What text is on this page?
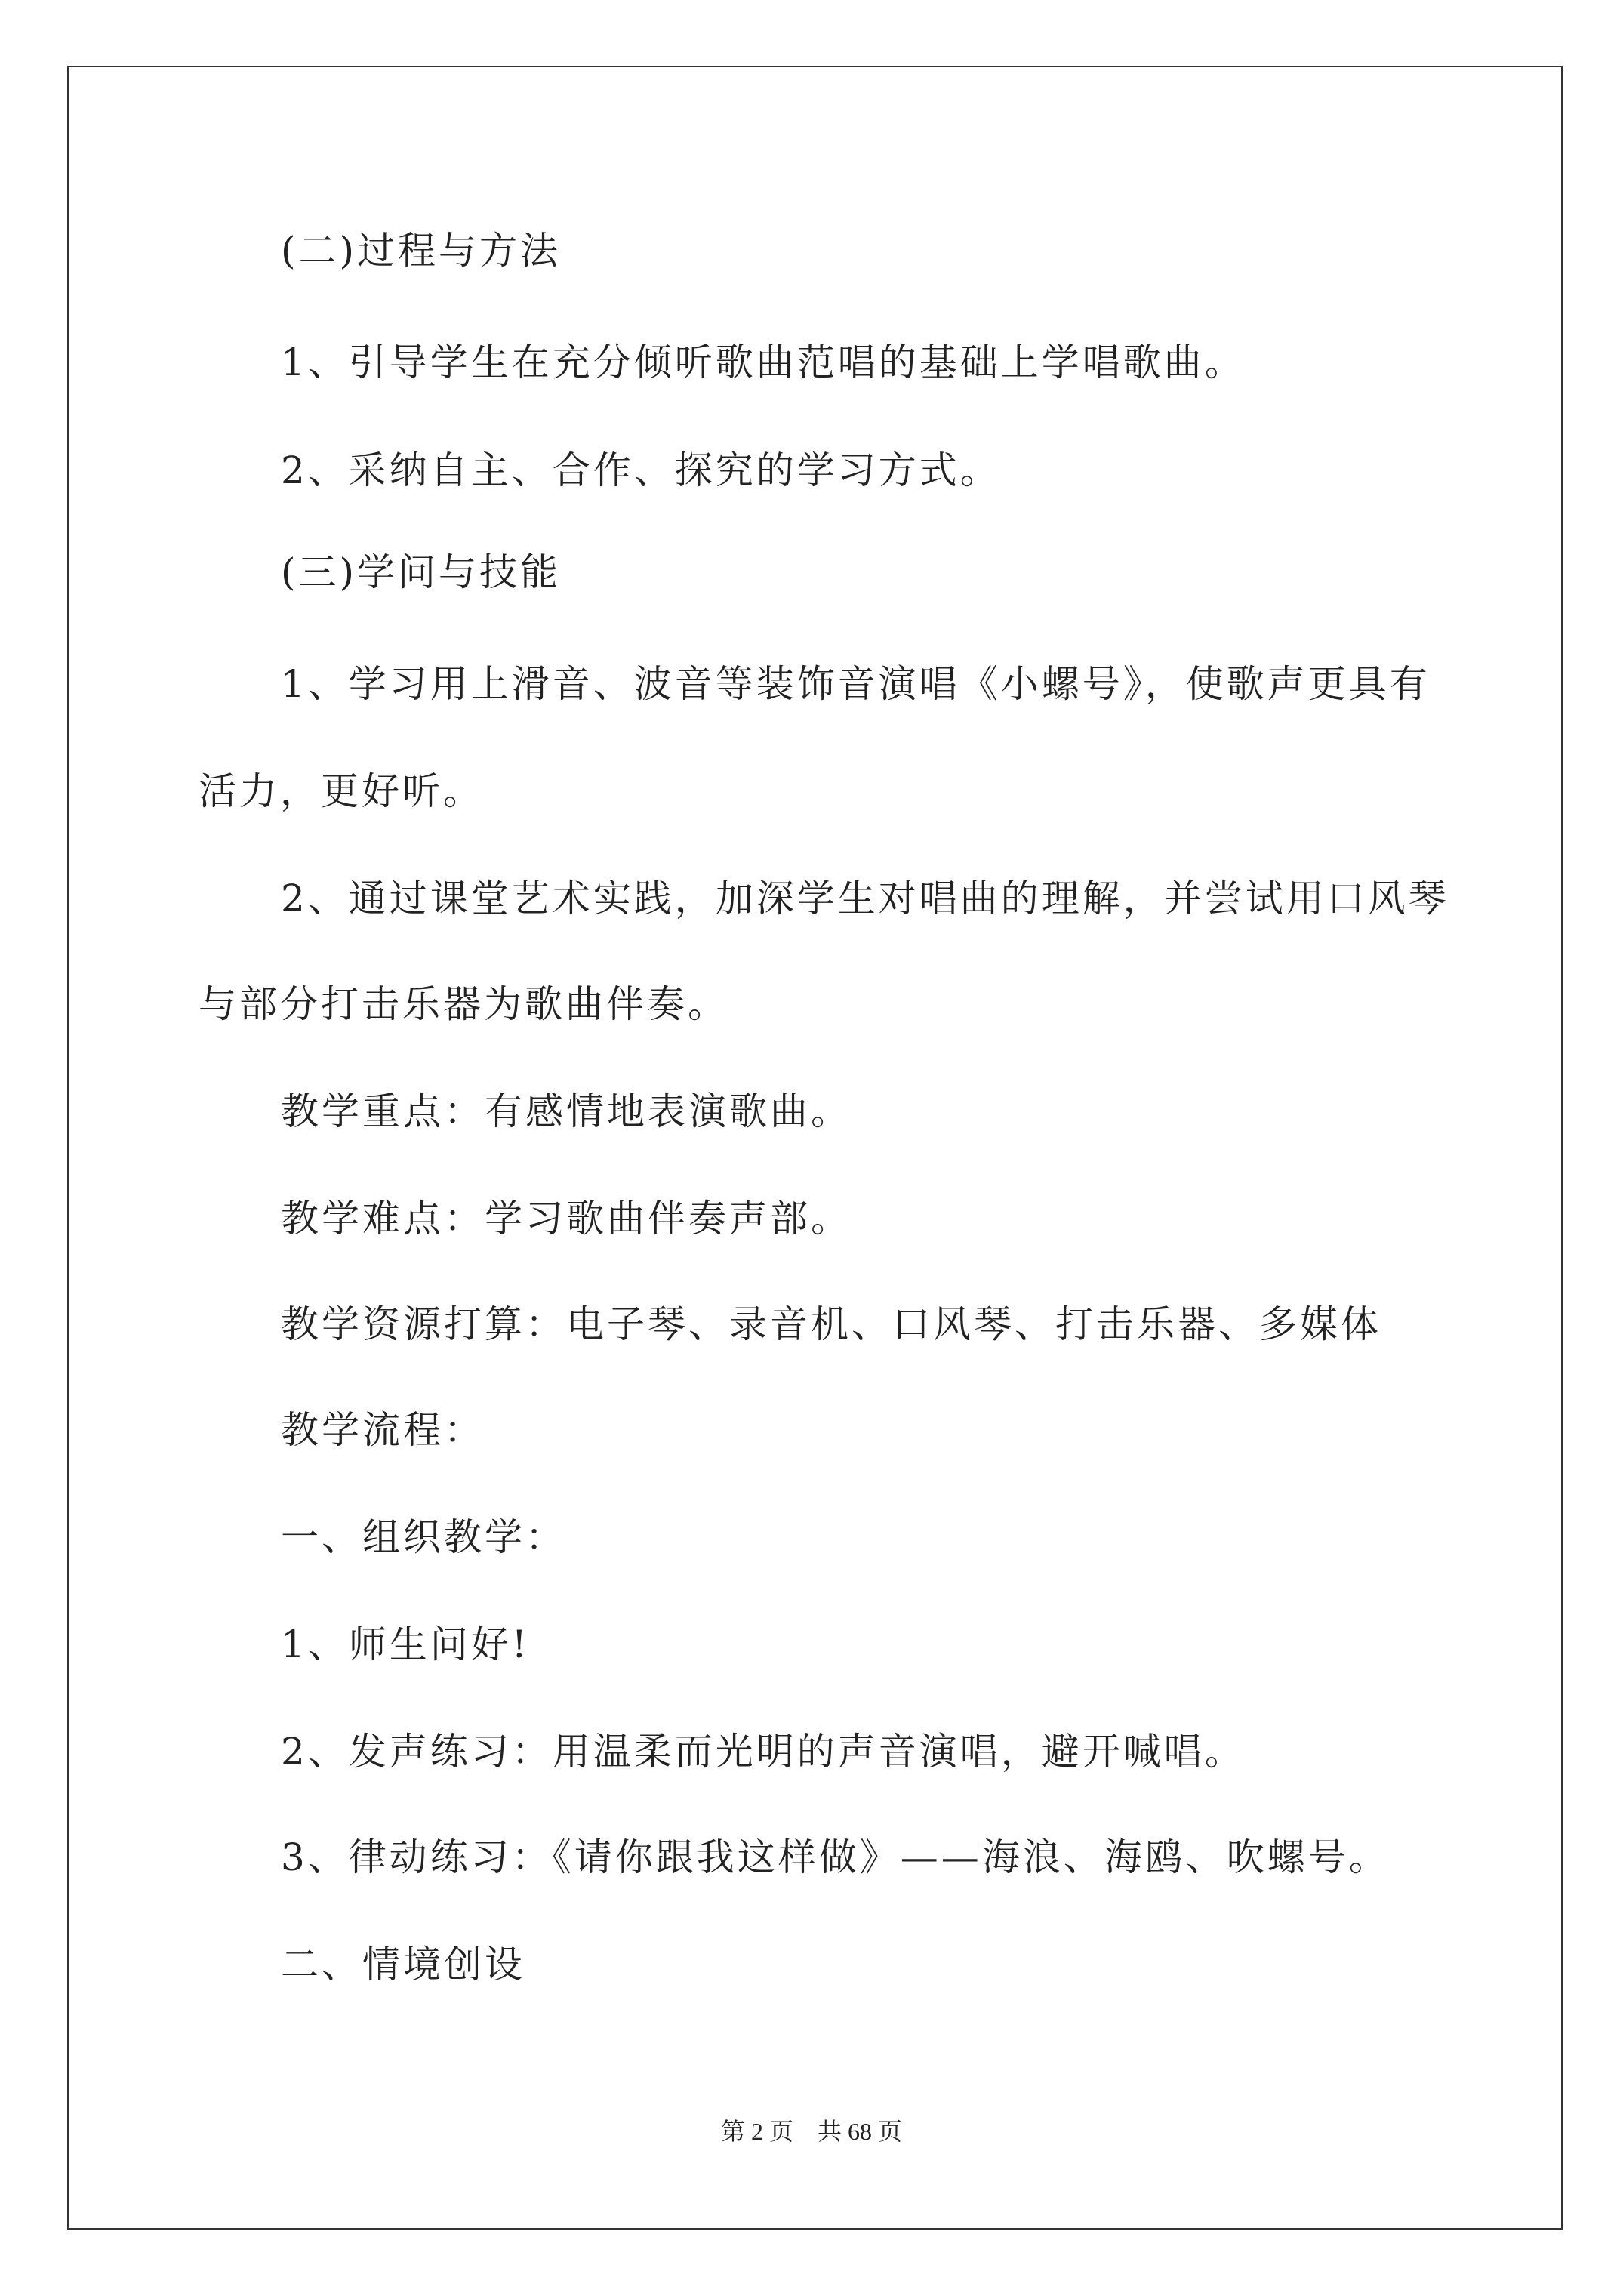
(二)过程与方法
1、引导学生在充分倾听歌曲范唱的基础上学唱歌曲。
2、采纳自主、合作、探究的学习方式。
(三)学问与技能
1、学习用上滑音、波音等装饰音演唱《小螺号》，使歌声更具有
活力，更好听。
2、通过课堂艺术实践，加深学生对唱曲的理解，并尝试用口风琴
与部分打击乐器为歌曲伴奏。
教学重点：有感情地表演歌曲。
教学难点：学习歌曲伴奏声部。
教学资源打算：电子琴、录音机、口风琴、打击乐器、多媒体
教学流程：
一、组织教学：
1、师生问好!
2、发声练习：用温柔而光明的声音演唱，避开喊唱。
3、律动练习：《请你跟我这样做》——海浪、海鸥、吹螺号。
二、情境创设
第 2 页 共 68 页
